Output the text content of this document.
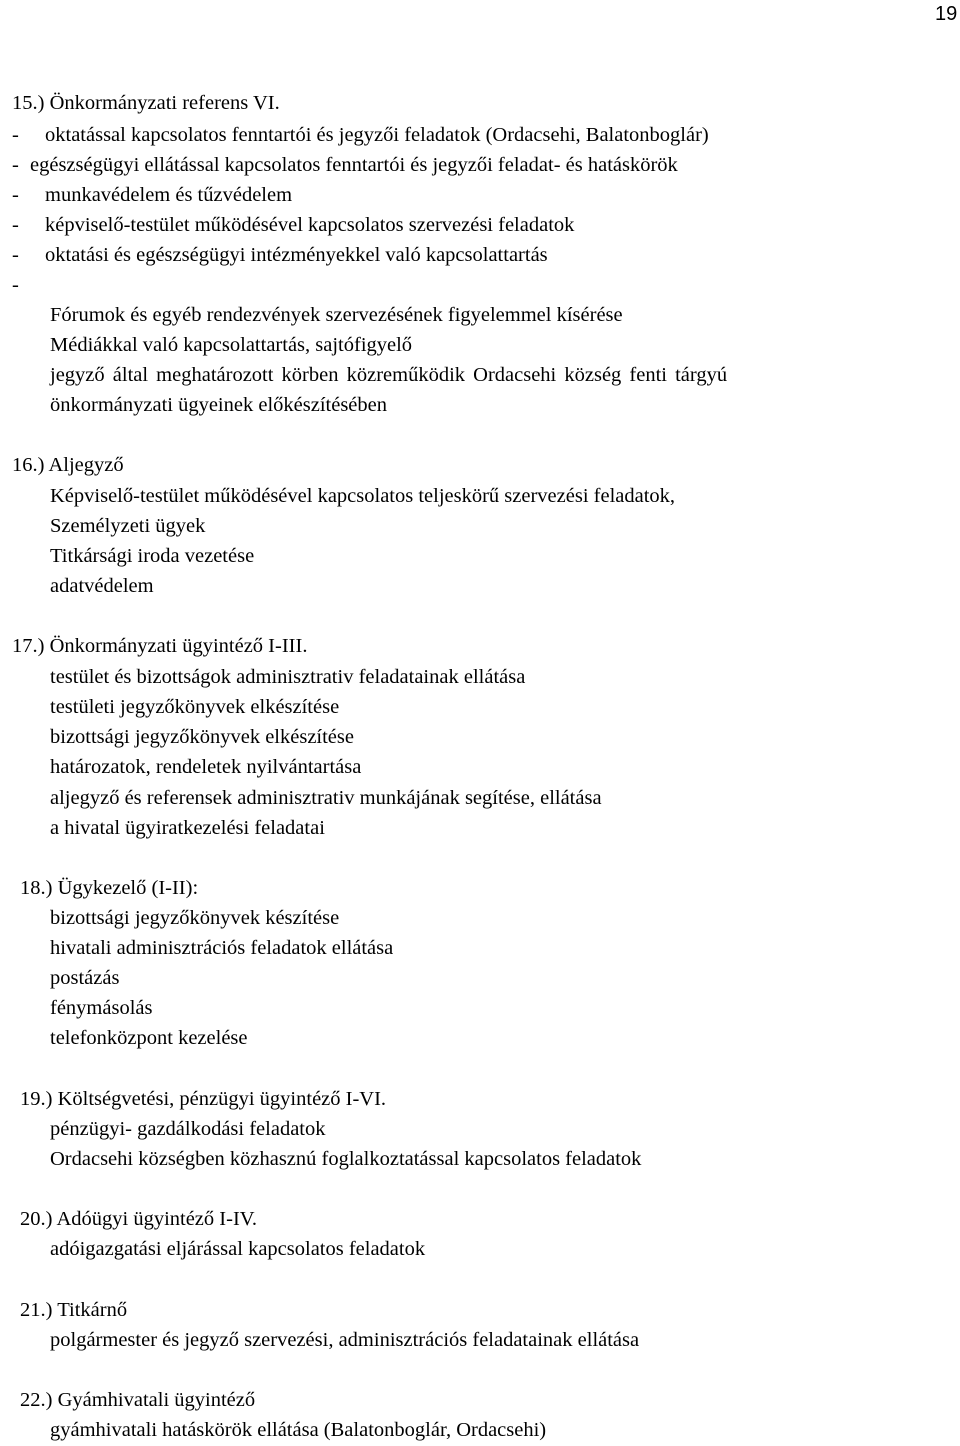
19
15.) Önkormányzati referens VI.
- oktatással kapcsolatos fenntartói és jegyzői feladatok (Ordacsehi, Balatonboglár)
- egészségügyi ellátással kapcsolatos fenntartói és jegyzői feladat- és hatáskörök
- munkavédelem és tűzvédelem
- képviselő-testület működésével kapcsolatos szervezési feladatok
- oktatási és egészségügyi intézményekkel való kapcsolattartás
-
Fórumok és egyéb rendezvények szervezésének figyelemmel kísérése
Médiákkal való kapcsolattartás, sajtófigyelő
jegyző által meghatározott körben közreműködik Ordacsehi község fenti tárgyú
önkormányzati ügyeinek előkészítésében
16.) Aljegyző
Képviselő-testület működésével kapcsolatos teljeskörű szervezési feladatok,
Személyzeti ügyek
Titkársági iroda vezetése
adatvédelem
17.) Önkormányzati ügyintéző I-III.
testület és bizottságok adminisztrativ feladatainak ellátása
testületi jegyzőkönyvek elkészítése
bizottsági jegyzőkönyvek elkészítése
határozatok, rendeletek nyilvántartása
aljegyző és referensek adminisztrativ munkájának segítése, ellátása
a hivatal ügyiratkezelési feladatai
18.) Ügykezelő (I-II):
bizottsági jegyzőkönyvek készítése
hivatali adminisztrációs feladatok ellátása
postázás
fénymásolás
telefonközpont kezelése
19.) Költségvetési, pénzügyi ügyintéző I-VI.
pénzügyi- gazdálkodási feladatok
Ordacsehi községben közhasznú foglalkoztatással kapcsolatos feladatok
20.) Adóügyi ügyintéző I-IV.
adóigazgatási eljárással kapcsolatos feladatok
21.) Titkárnő
polgármester és jegyző szervezési, adminisztrációs feladatainak ellátása
22.) Gyámhivatali ügyintéző
gyámhivatali hatáskörök ellátása (Balatonboglár, Ordacsehi)
